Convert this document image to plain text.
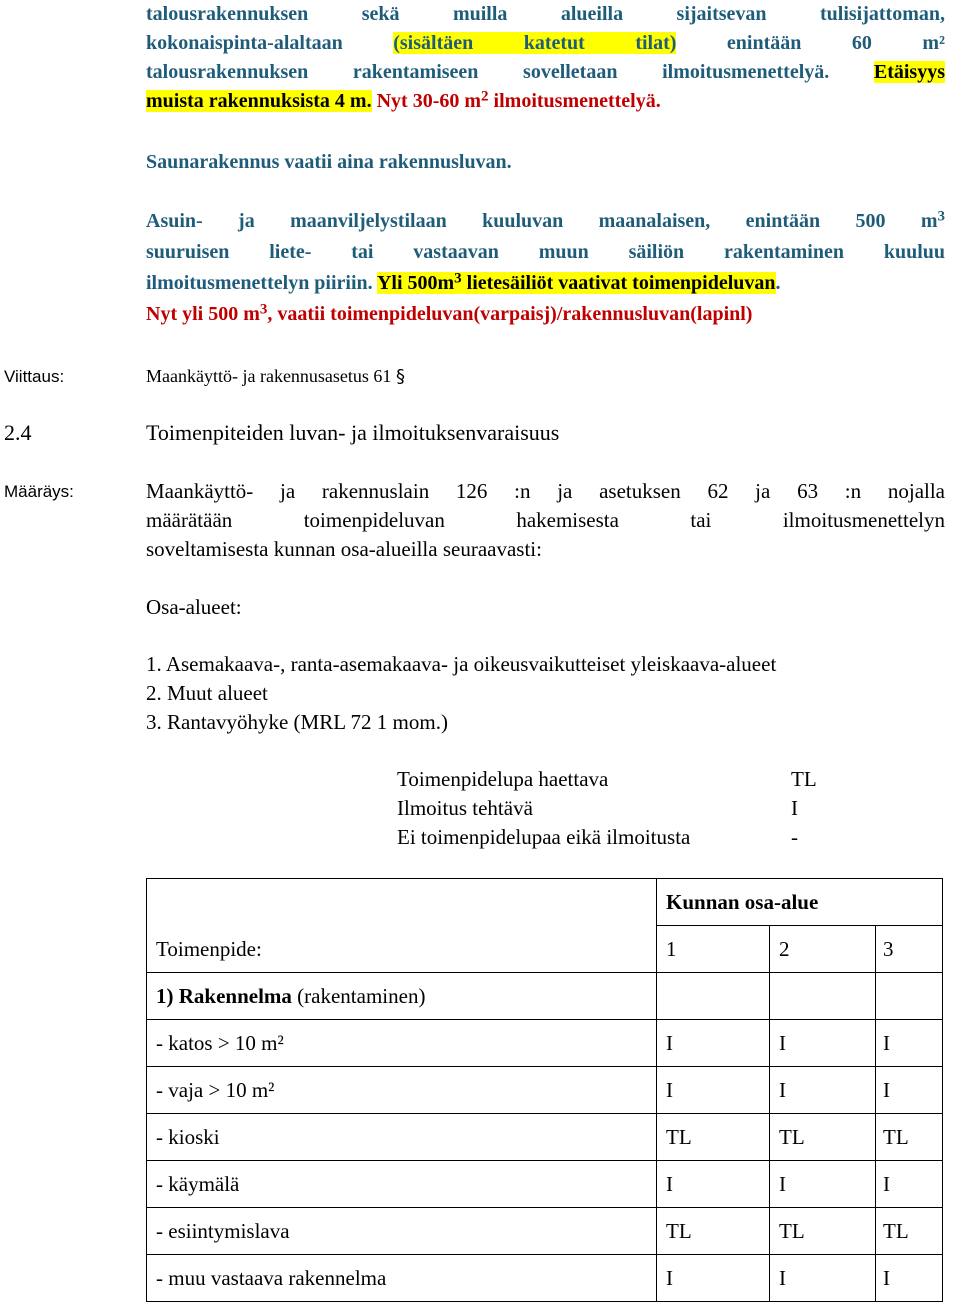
talousrakennuksen sekä muilla alueilla sijaitsevan tulisijattoman,
kokonaispinta-alaltaan	(sisältäen katetut tilat)	enintään 60 m²
talousrakennuksen rakentamiseen sovelletaan ilmoitusmenettelyä. Etäisyys
muista rakennuksista 4 m. Nyt 30-60 $m^2$ ilmoitusmenettelyä.
Saunarakennus vaatii aina rakennusluvan.
Asuin- ja maanviljelystilaan kuuluvan maanalaisen, enintään 500 $m^3$
suuruisen liete- tai vastaavan muun säiliön rakentaminen kuuluu
ilmoitusmenettelyn piiriin. Yli $500m^3$ lietesäiliöt vaativat toimenpideluvan.
Nyt yli 500 $m^3$, vaatii toimenpideluvan(varpaisj)/rakennusluvan(lapinl)
Viittaus:	Maankäyttö- ja rakennusasetus 61 §
2.4	Toimenpiteiden luvan- ja ilmoituksenvaraisuus
Määräys:	Maankäyttö- ja rakennuslain 126 :n ja asetuksen 62 ja 63 :n nojalla
määrätään toimenpideluvan hakemisesta tai ilmoitusmenettelyn
soveltamisesta kunnan osa-alueilla seuraavasti:
Osa-alueet:
1. Asemakaava-, ranta-asemakaava- ja oikeusvaikutteiset yleiskaava-alueet
2. Muut alueet
3. Rantavyöhyke (MRL 72 1 mom.)
Toimenpidelupa haettava	TL
Ilmoitus tehtävä	I
Ei toimenpidelupaa eikä ilmoitusta	-
Toimenpide:	Kunnan osa-alue		
	1	2	3
1) Rakennelma (rakentaminen)			
- katos > 10 m²	I	I	I
- vaja > 10 m²	I	I	I
- kioski	TL	TL	TL
- käymälä	I	I	I
- esiintymislava	TL	TL	TL
- muu vastaava rakennelma	I	I	I
